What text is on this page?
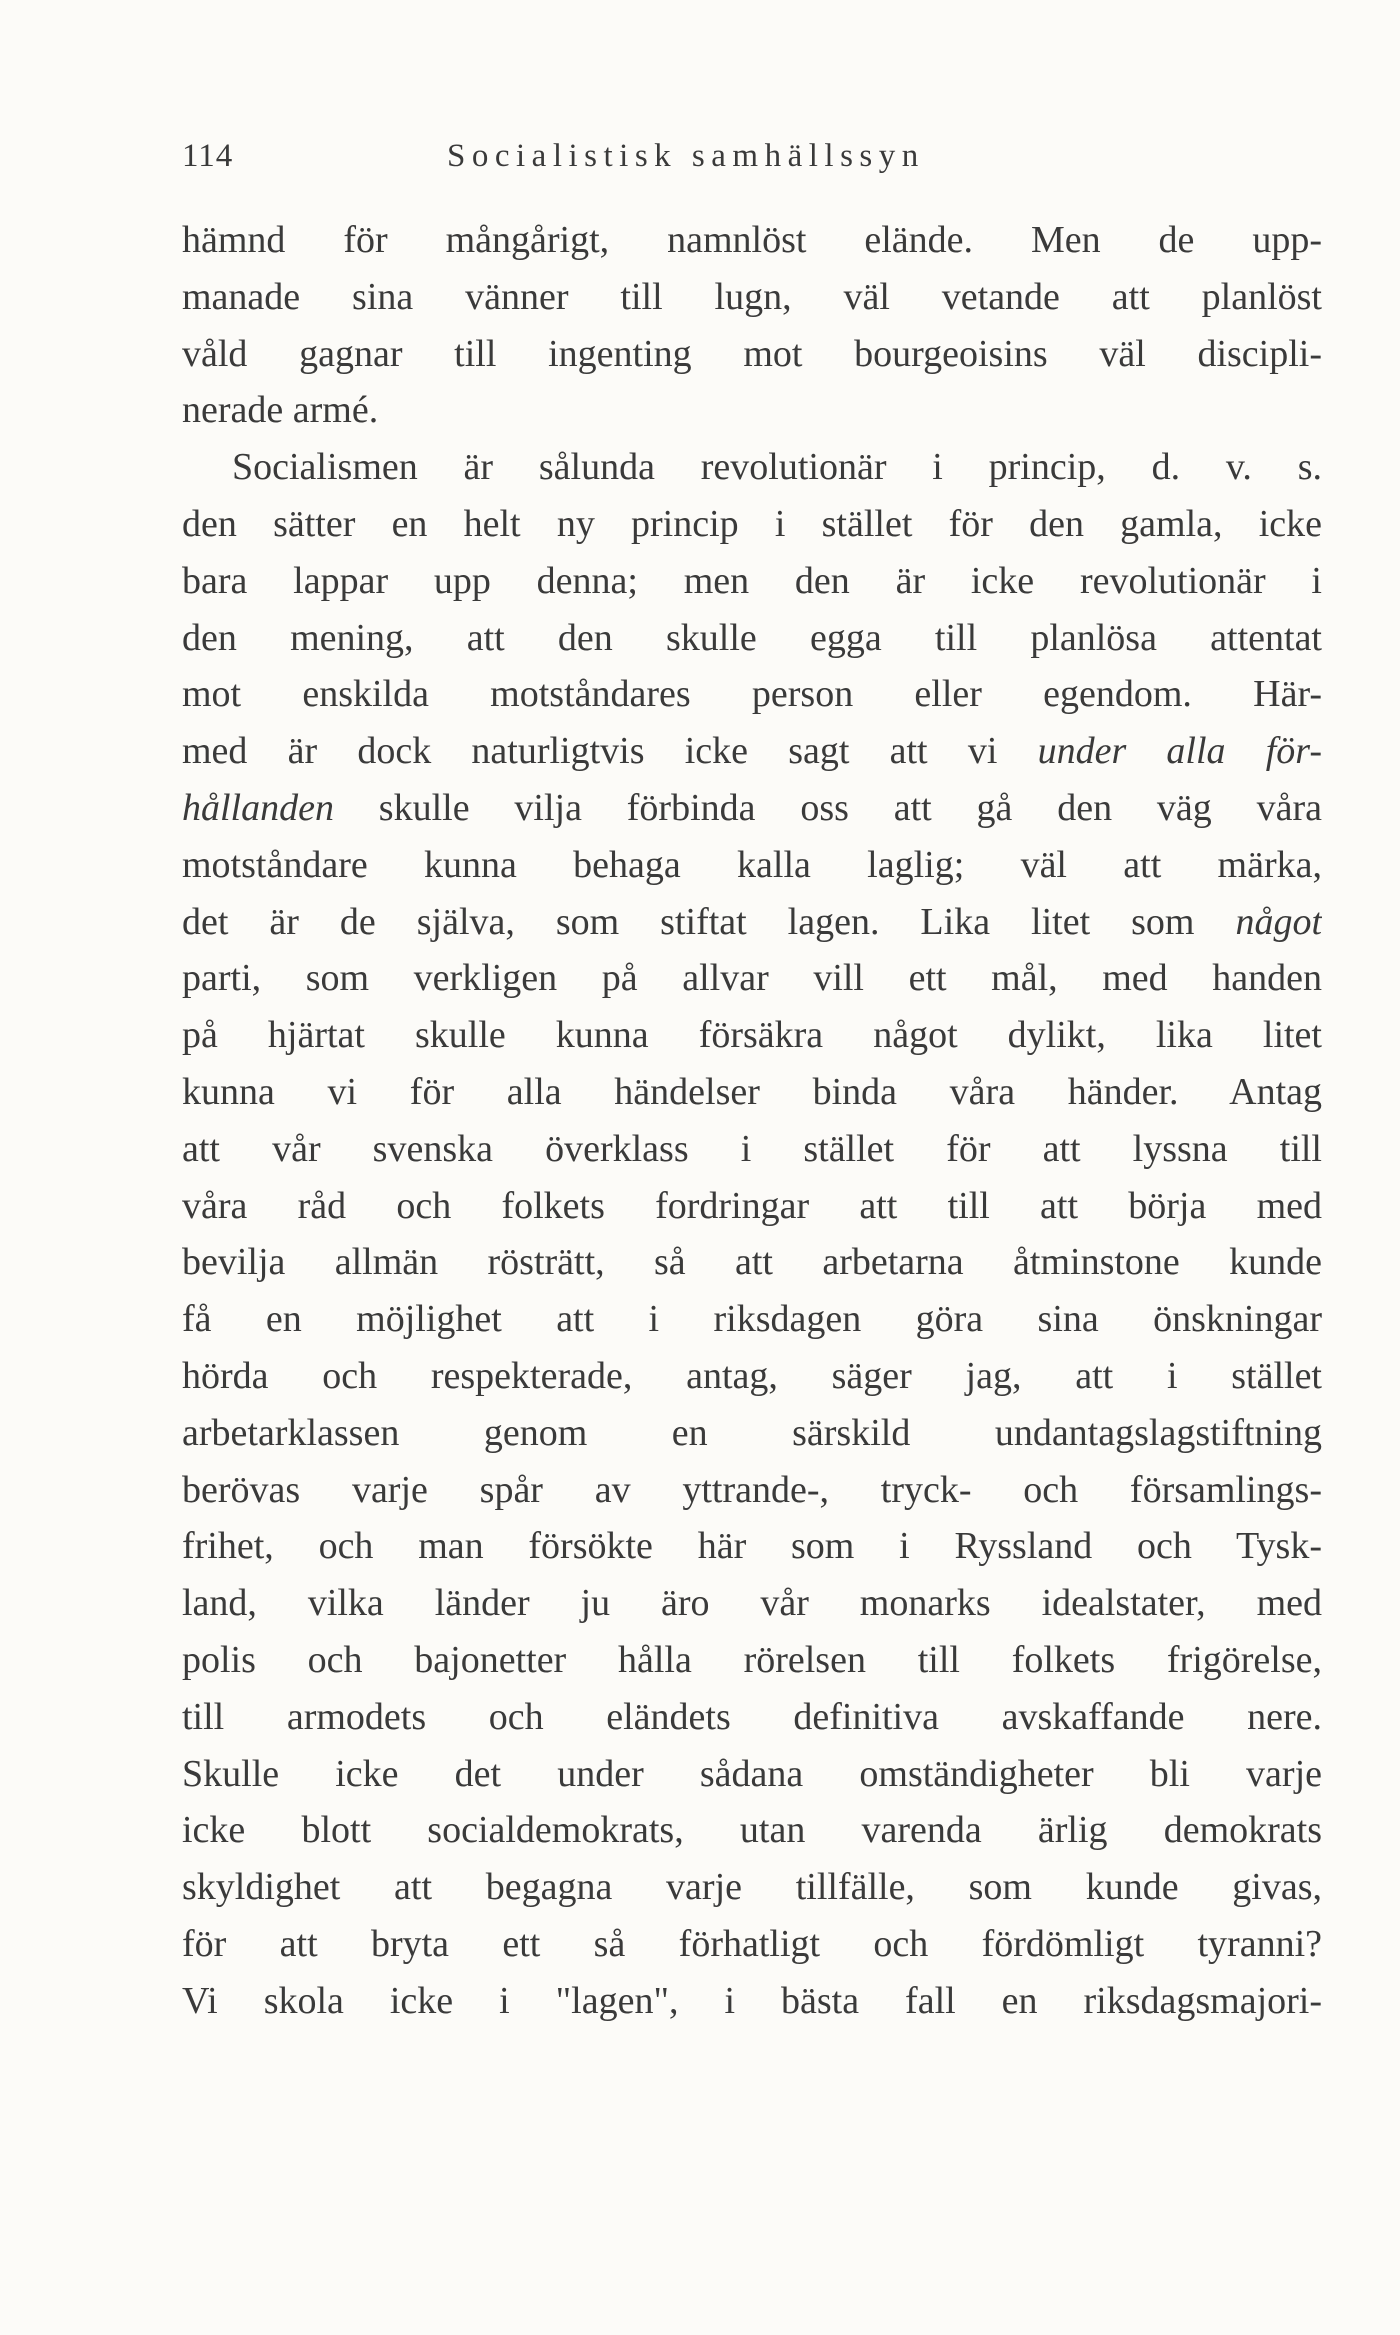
114	Socialistisk samhällssyn
hämnd för mångårigt, namnlöst elände. Men de upp-
manade sina vänner till lugn, väl vetande att planlöst
våld gagnar till ingenting mot bourgeoisins väl discipli-
nerade armé.
Socialismen är sålunda revolutionär i princip, d. v. s.
den sätter en helt ny princip i stället för den gamla, icke
bara lappar upp denna; men den är icke revolutionär i
den mening, att den skulle egga till planlösa attentat
mot enskilda motståndares person eller egendom. Här-
med är dock naturligtvis icke sagt att vi under alla för-
hållanden skulle vilja förbinda oss att gå den väg våra
motståndare kunna behaga kalla laglig; väl att märka,
det är de själva, som stiftat lagen. Lika litet som något
parti, som verkligen på allvar vill ett mål, med handen
på hjärtat skulle kunna försäkra något dylikt, lika litet
kunna vi för alla händelser binda våra händer. Antag
att vår svenska överklass i stället för att lyssna till
våra råd och folkets fordringar att till att börja med
bevilja allmän rösträtt, så att arbetarna åtminstone kunde
få en möjlighet att i riksdagen göra sina önskningar
hörda och respekterade, antag, säger jag, att i stället
arbetarklassen genom en särskild undantagslagstiftning
berövas varje spår av yttrande-, tryck- och församlings-
frihet, och man försökte här som i Ryssland och Tysk-
land, vilka länder ju äro vår monarks idealstater, med
polis och bajonetter hålla rörelsen till folkets frigörelse,
till armodets och eländets definitiva avskaffande nere.
Skulle icke det under sådana omständigheter bli varje
icke blott socialdemokrats, utan varenda ärlig demokrats
skyldighet att begagna varje tillfälle, som kunde givas,
för att bryta ett så förhatligt och fördömligt tyranni?
Vi skola icke i "lagen", i bästa fall en riksdagsmajori-
